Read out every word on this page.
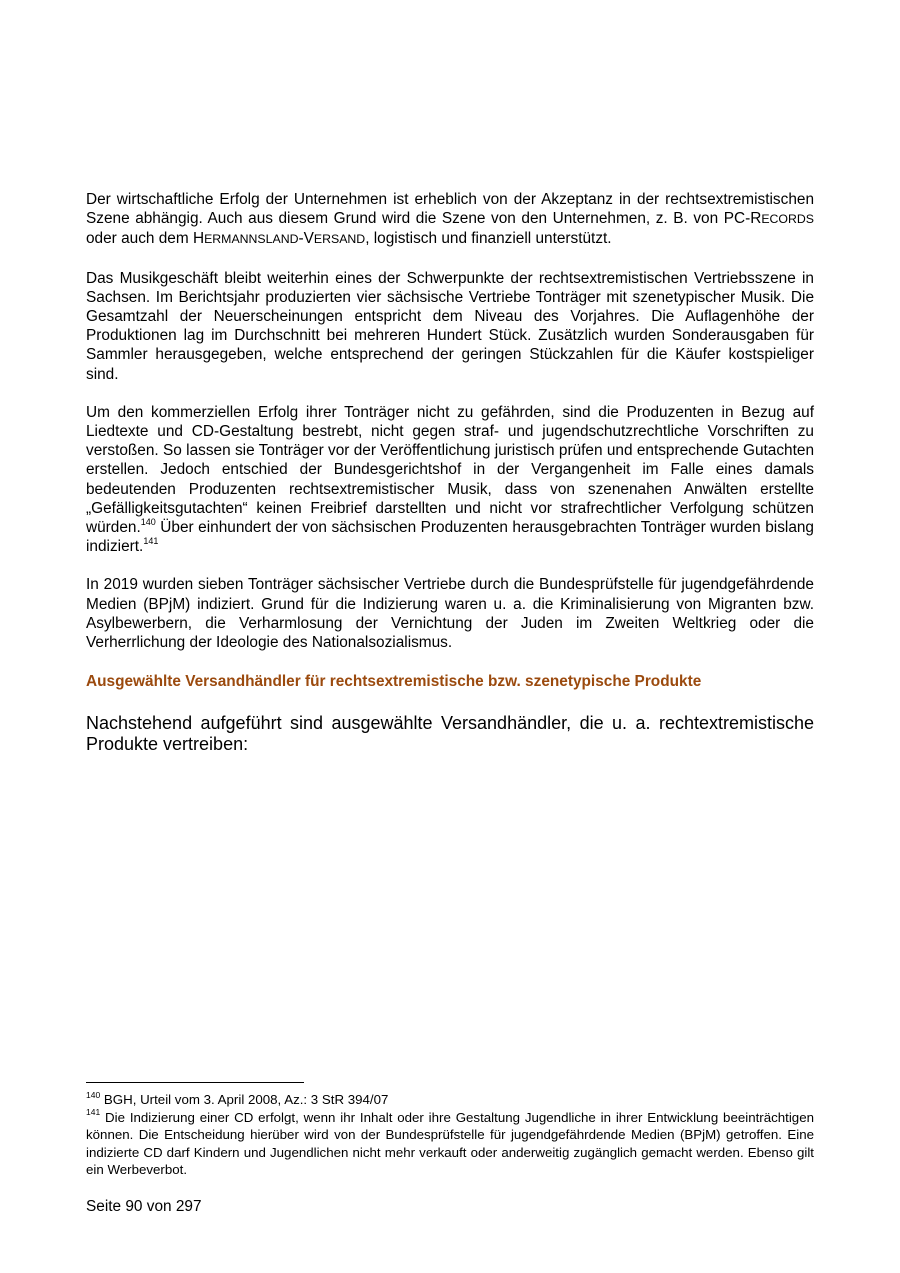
Der wirtschaftliche Erfolg der Unternehmen ist erheblich von der Akzeptanz in der rechtsextremistischen Szene abhängig. Auch aus diesem Grund wird die Szene von den Unternehmen, z. B. von PC-RECORDS oder auch dem HERMANNSLAND-VERSAND, logistisch und finanziell unterstützt.

Das Musikgeschäft bleibt weiterhin eines der Schwerpunkte der rechtsextremistischen Vertriebsszene in Sachsen. Im Berichtsjahr produzierten vier sächsische Vertriebe Tonträger mit szenetypischer Musik. Die Gesamtzahl der Neuerscheinungen entspricht dem Niveau des Vorjahres. Die Auflagenhöhe der Produktionen lag im Durchschnitt bei mehreren Hundert Stück. Zusätzlich wurden Sonderausgaben für Sammler herausgegeben, welche entsprechend der geringen Stückzahlen für die Käufer kostspieliger sind.

Um den kommerziellen Erfolg ihrer Tonträger nicht zu gefährden, sind die Produzenten in Bezug auf Liedtexte und CD-Gestaltung bestrebt, nicht gegen straf- und jugendschutzrechtliche Vorschriften zu verstoßen. So lassen sie Tonträger vor der Veröffentlichung juristisch prüfen und entsprechende Gutachten erstellen. Jedoch entschied der Bundesgerichtshof in der Vergangenheit im Falle eines damals bedeutenden Produzenten rechtsextremistischer Musik, dass von szenenahen Anwälten erstellte „Gefälligkeitsgutachten“ keinen Freibrief darstellten und nicht vor strafrechtlicher Verfolgung schützen würden.$^{140}$ Über einhundert der von sächsischen Produzenten herausgebrachten Tonträger wurden bislang indiziert.$^{141}$

In 2019 wurden sieben Tonträger sächsischer Vertriebe durch die Bundesprüfstelle für jugendgefährdende Medien (BPjM) indiziert. Grund für die Indizierung waren u. a. die Kriminalisierung von Migranten bzw. Asylbewerbern, die Verharmlosung der Vernichtung der Juden im Zweiten Weltkrieg oder die Verherrlichung der Ideologie des Nationalsozialismus.

Ausgewählte Versandhändler für rechtsextremistische bzw. szenetypische Produkte

Nachstehend aufgeführt sind ausgewählte Versandhändler, die u. a. rechtextremistische Produkte vertreiben:

$^{140}$ BGH, Urteil vom 3. April 2008, Az.: 3 StR 394/07

$^{141}$ Die Indizierung einer CD erfolgt, wenn ihr Inhalt oder ihre Gestaltung Jugendliche in ihrer Entwicklung beeinträchtigen können. Die Entscheidung hierüber wird von der Bundesprüfstelle für jugendgefährdende Medien (BPjM) getroffen. Eine indizierte CD darf Kindern und Jugendlichen nicht mehr verkauft oder anderweitig zugänglich gemacht werden. Ebenso gilt ein Werbeverbot.

Seite 90 von 297
